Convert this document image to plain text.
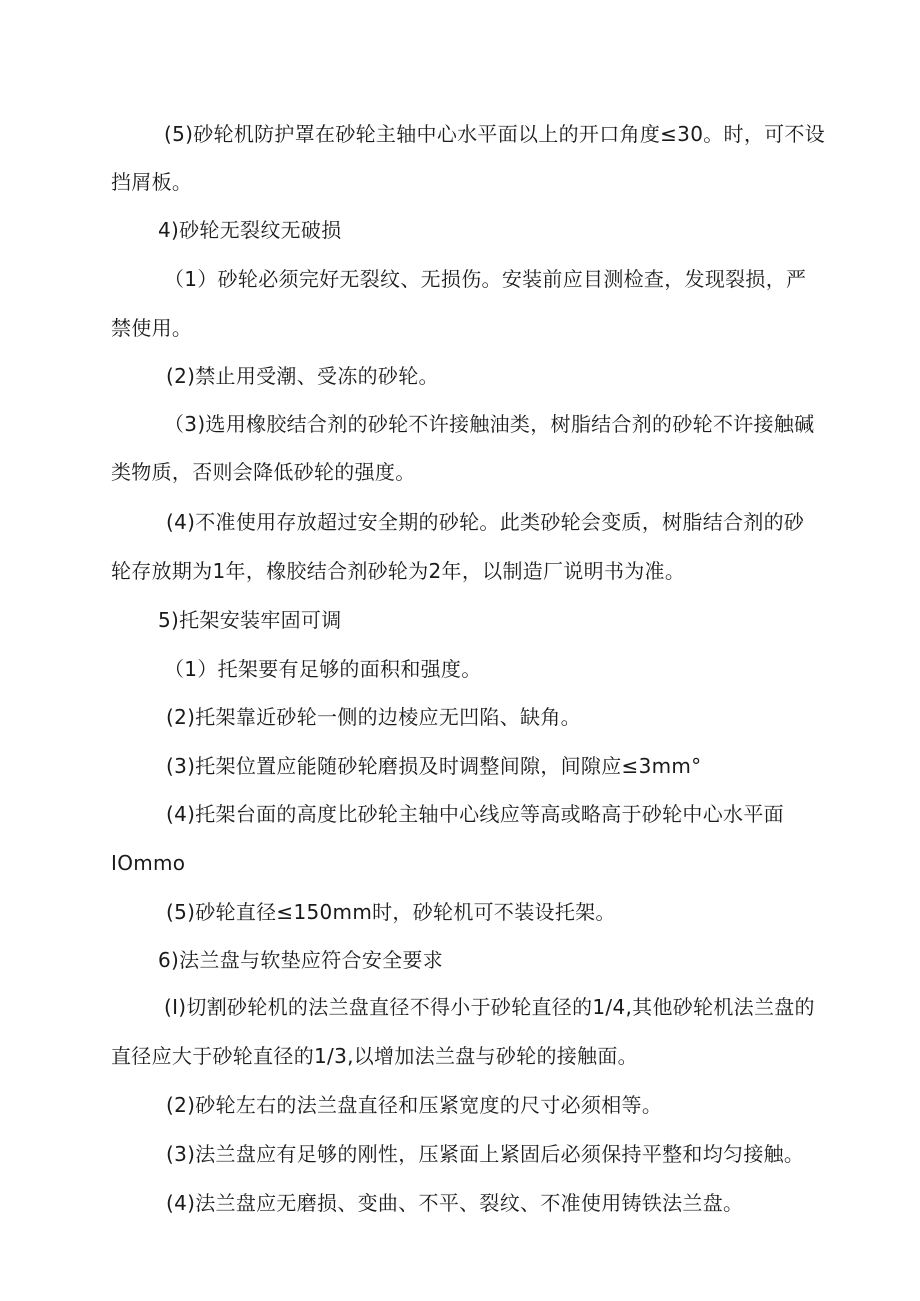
(5)砂轮机防护罩在砂轮主轴中心水平面以上的开口角度≤30。时，可不设
挡屑板。
4)砂轮无裂纹无破损
（1）砂轮必须完好无裂纹、无损伤。安装前应目测检查，发现裂损，严
禁使用。
(2)禁止用受潮、受冻的砂轮。
（3)选用橡胶结合剂的砂轮不许接触油类，树脂结合剂的砂轮不许接触碱
类物质，否则会降低砂轮的强度。
(4)不准使用存放超过安全期的砂轮。此类砂轮会变质，树脂结合剂的砂
轮存放期为1年，橡胶结合剂砂轮为2年，以制造厂说明书为准。
5)托架安装牢固可调
（1）托架要有足够的面积和强度。
(2)托架靠近砂轮一侧的边棱应无凹陷、缺角。
(3)托架位置应能随砂轮磨损及时调整间隙，间隙应≤3mm°
(4)托架台面的高度比砂轮主轴中心线应等高或略高于砂轮中心水平面
IOmmo
(5)砂轮直径≤150mm时，砂轮机可不装设托架。
6)法兰盘与软垫应符合安全要求
(I)切割砂轮机的法兰盘直径不得小于砂轮直径的1/4,其他砂轮机法兰盘的
直径应大于砂轮直径的1/3,以增加法兰盘与砂轮的接触面。
(2)砂轮左右的法兰盘直径和压紧宽度的尺寸必须相等。
(3)法兰盘应有足够的刚性，压紧面上紧固后必须保持平整和均匀接触。
(4)法兰盘应无磨损、变曲、不平、裂纹、不准使用铸铁法兰盘。
